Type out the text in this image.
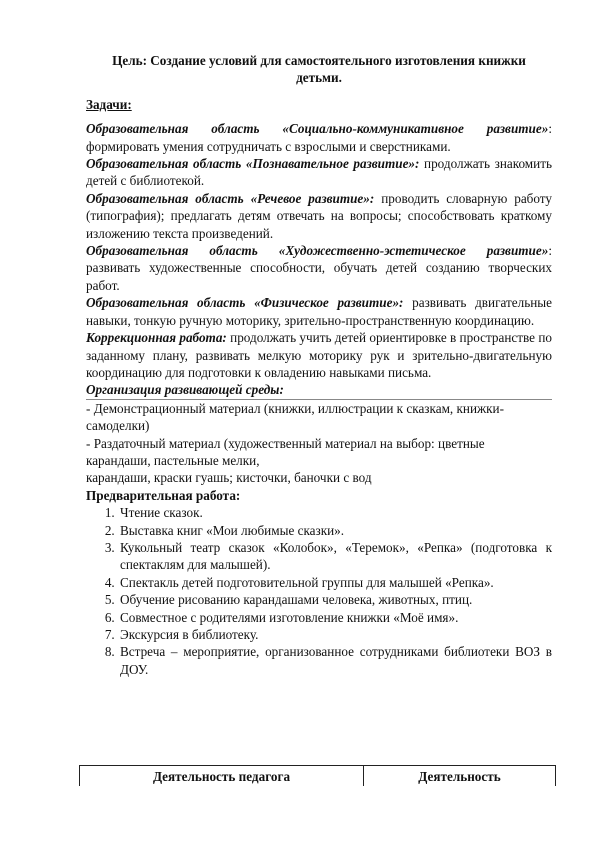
Цель: Создание условий для самостоятельного изготовления книжки детьми.

Задачи:

Образовательная область «Социально-коммуникативное развитие»: формировать умения сотрудничать с взрослыми и сверстниками.

Образовательная область «Познавательное развитие»: продолжать знакомить детей с библиотекой.

Образовательная область «Речевое развитие»: проводить словарную работу (типография); предлагать детям отвечать на вопросы; способствовать краткому изложению текста произведений.

Образовательная область «Художественно-эстетическое развитие»: развивать художественные способности, обучать детей созданию творческих работ.

Образовательная область «Физическое развитие»: развивать двигательные навыки, тонкую ручную моторику, зрительно-пространственную координацию.

Коррекционная работа: продолжать учить детей ориентировке в пространстве по заданному плану, развивать мелкую моторику рук и зрительно-двигательную координацию для подготовки к овладению навыками письма.

Организация развивающей среды:

- Демонстрационный материал (книжки, иллюстрации к сказкам, книжки-самоделки)

- Раздаточный материал (художественный материал на выбор: цветные карандаши, пастельные мелки,

карандаши, краски гуашь; кисточки, баночки с вод

Предварительная работа:

1. Чтение сказок.
2. Выставка книг «Мои любимые сказки».
3. Кукольный театр сказок «Колобок», «Теремок», «Репка» (подготовка к спектаклям для малышей).
4. Спектакль детей подготовительной группы для малышей «Репка».
5. Обучение рисованию карандашами человека, животных, птиц.
6. Совместное с родителями изготовление книжки «Моё имя».
7. Экскурсия в библиотеку.
8. Встреча – мероприятие, организованное сотрудниками библиотеки ВОЗ в ДОУ.
Деятельность педагога	Деятельность
